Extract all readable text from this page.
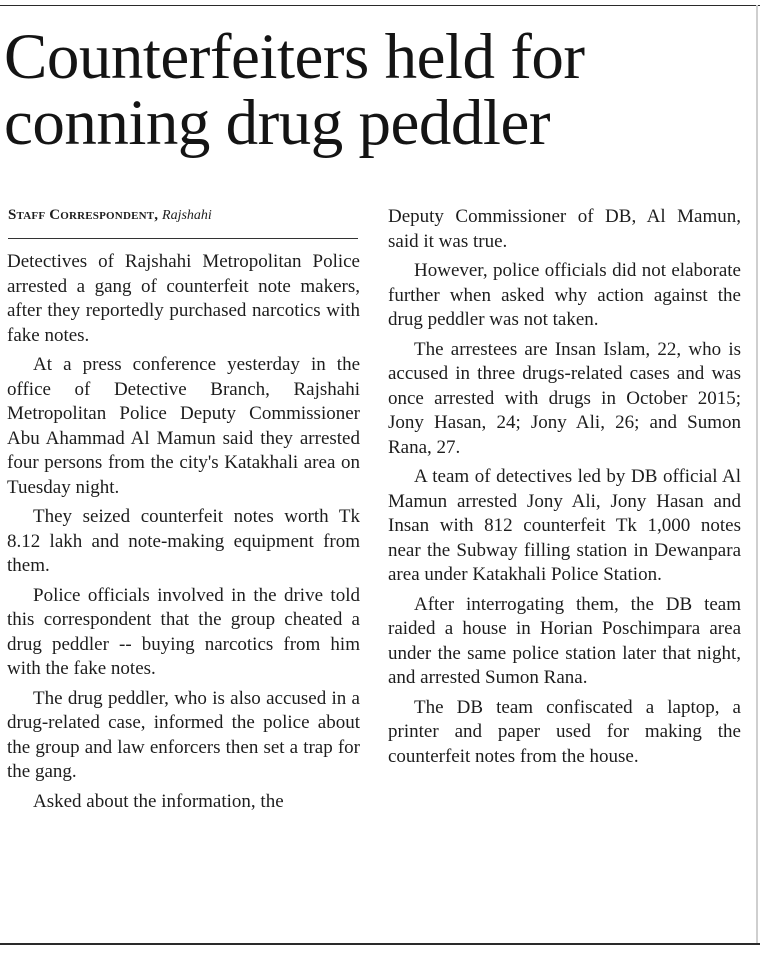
Counterfeiters held for conning drug peddler
Staff Correspondent, Rajshahi

Detectives of Rajshahi Metropolitan Police arrested a gang of counterfeit note makers, after they reportedly purchased narcotics with fake notes.

At a press conference yesterday in the office of Detective Branch, Rajshahi Metropolitan Police Deputy Commissioner Abu Ahammad Al Mamun said they arrested four persons from the city's Katakhali area on Tuesday night.

They seized counterfeit notes worth Tk 8.12 lakh and note-making equipment from them.

Police officials involved in the drive told this correspondent that the group cheated a drug peddler -- buying narcotics from him with the fake notes.

The drug peddler, who is also accused in a drug-related case, informed the police about the group and law enforcers then set a trap for the gang.

Asked about the information, the

Deputy Commissioner of DB, Al Mamun, said it was true.

However, police officials did not elaborate further when asked why action against the drug peddler was not taken.

The arrestees are Insan Islam, 22, who is accused in three drugs-related cases and was once arrested with drugs in October 2015; Jony Hasan, 24; Jony Ali, 26; and Sumon Rana, 27.

A team of detectives led by DB official Al Mamun arrested Jony Ali, Jony Hasan and Insan with 812 counterfeit Tk 1,000 notes near the Subway filling station in Dewanpara area under Katakhali Police Station.

After interrogating them, the DB team raided a house in Horian Poschimpara area under the same police station later that night, and arrested Sumon Rana.

The DB team confiscated a laptop, a printer and paper used for making the counterfeit notes from the house.
